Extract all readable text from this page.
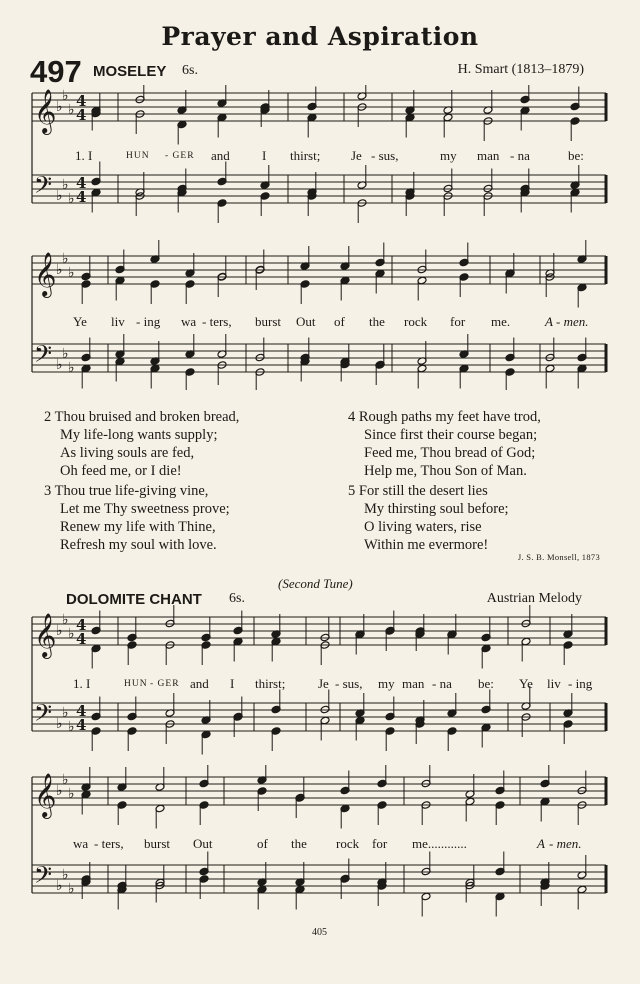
Prayer and Aspiration
497 MOSELEY 6s.	H. Smart (1813–1879)
𝄞 ♭
♭
♭ 4
4
𝄢 ♭
♭
♭
4
4
𝄞 ♭
♭
♭
𝄢 ♭
♭
♭
𝄞 ♭
♭
♭ 4
4
𝄢 ♭
♭
♭
4
4
𝄞 ♭
♭
♭
𝄢 ♭
♭
♭
1. I	HUN - GER and I thirst; Je - sus,	my man - na	be:
Ye liv - ing wa - ters, burst Out of the rock for me.	A - men.
2 Thou bruised and broken bread,
My life-long wants supply;
As living souls are fed,
Oh feed me, or I die!
3 Thou true life-giving vine,
Let me Thy sweetness prove;
Renew my life with Thine,
Refresh my soul with love.
4 Rough paths my feet have trod,
Since first their course began;
Feed me, Thou bread of God;
Help me, Thou Son of Man.
5 For still the desert lies
My thirsting soul before;
O living waters, rise
Within me evermore!
J. S. B. Monsell, 1873
(Second Tune)
DOLOMITE CHANT 6s.	Austrian Melody
1. I	HUN - GER and I thirst;	Je - sus, my man - na be: Ye liv - ing
wa - ters, burst Out	of the rock for me............	A - men.
405
